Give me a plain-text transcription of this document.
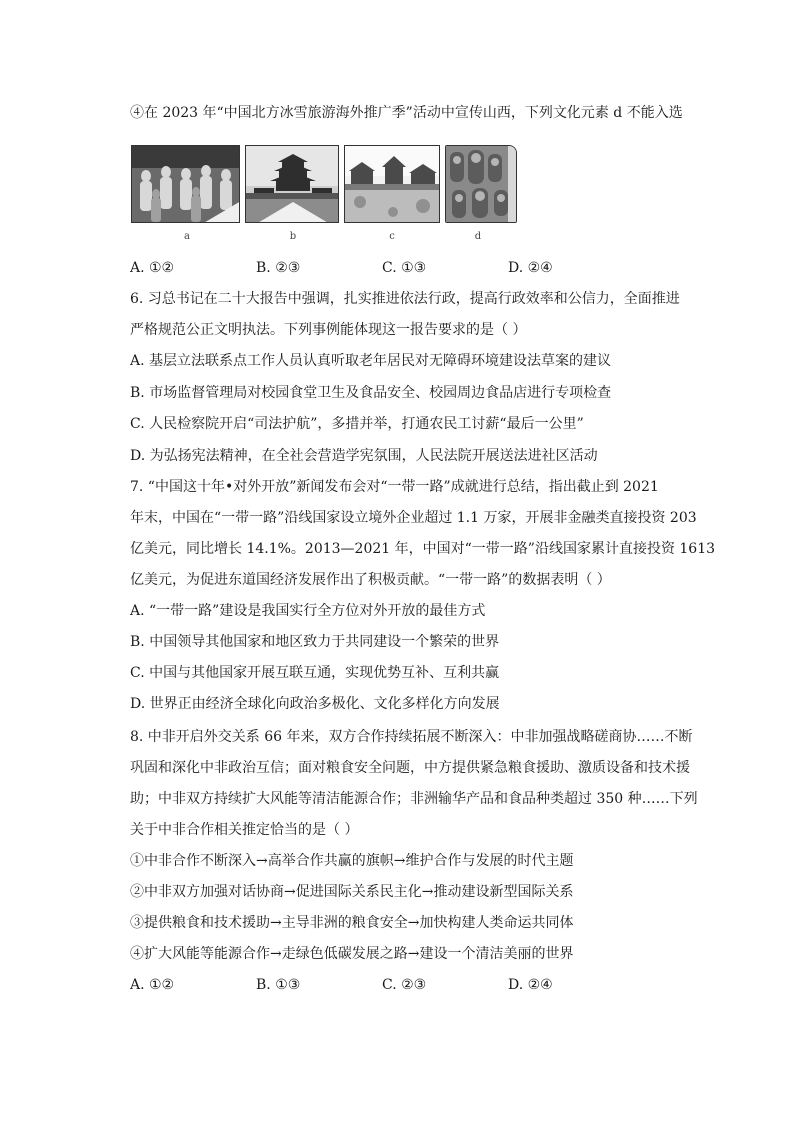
④在 2023 年“中国北方冰雪旅游海外推广季”活动中宣传山西，下列文化元素 d 不能入选
a	b	c	d
A. ①②	B. ②③	C. ①③	D. ②④
6. 习总书记在二十大报告中强调，扎实推进依法行政，提高行政效率和公信力，全面推进
严格规范公正文明执法。下列事例能体现这一报告要求的是（ ）
A. 基层立法联系点工作人员认真听取老年居民对无障碍环境建设法草案的建议
B. 市场监督管理局对校园食堂卫生及食品安全、校园周边食品店进行专项检查
C. 人民检察院开启“司法护航”，多措并举，打通农民工讨薪“最后一公里”
D. 为弘扬宪法精神，在全社会营造学宪氛围，人民法院开展送法进社区活动
7. “中国这十年•对外开放”新闻发布会对“一带一路”成就进行总结，指出截止到 2021
年末，中国在“一带一路”沿线国家设立境外企业超过 1.1 万家，开展非金融类直接投资 203
亿美元，同比增长 14.1%。2013—2021 年，中国对“一带一路”沿线国家累计直接投资 1613
亿美元，为促进东道国经济发展作出了积极贡献。“一带一路”的数据表明（ ）
A. “一带一路”建设是我国实行全方位对外开放的最佳方式
B. 中国领导其他国家和地区致力于共同建设一个繁荣的世界
C. 中国与其他国家开展互联互通，实现优势互补、互利共赢
D. 世界正由经济全球化向政治多极化、文化多样化方向发展
8. 中非开启外交关系 66 年来，双方合作持续拓展不断深入：中非加强战略磋商协……不断
巩固和深化中非政治互信；面对粮食安全问题，中方提供紧急粮食援助、激质设备和技术援
助；中非双方持续扩大风能等清洁能源合作；非洲输华产品和食品种类超过 350 种……下列
关于中非合作相关推定恰当的是（ ）
①中非合作不断深入→高举合作共赢的旗帜→维护合作与发展的时代主题
②中非双方加强对话协商→促进国际关系民主化→推动建设新型国际关系
③提供粮食和技术援助→主导非洲的粮食安全→加快构建人类命运共同体
④扩大风能等能源合作→走绿色低碳发展之路→建设一个清洁美丽的世界
A. ①②	B. ①③	C. ②③	D. ②④
